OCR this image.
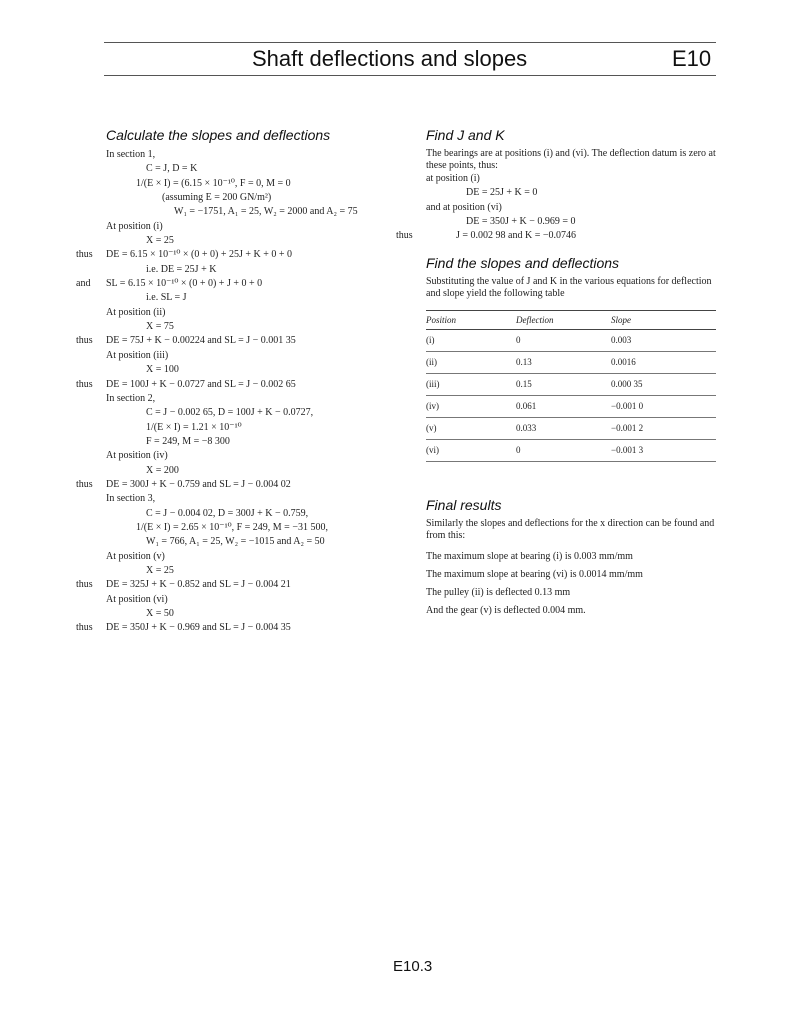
Shaft deflections and slopes	E10
Calculate the slopes and deflections
In section 1,
C = J, D = K
1/(E × I) = (6.15 × 10⁻¹⁰, F = 0, M = 0
(assuming E = 200 GN/m²)
W₁ = −1751, A₁ = 25, W₂ = 2000 and A₂ = 75
At position (i)
X = 25
thus DE = 6.15 × 10⁻¹⁰ × (0 + 0) + 25J + K + 0 + 0
i.e. DE = 25J + K
and SL = 6.15 × 10⁻¹⁰ × (0 + 0) + J + 0 + 0
i.e. SL = J
At position (ii)
X = 75
thus DE = 75J + K − 0.00224 and SL = J − 0.001 35
At position (iii)
X = 100
thus DE = 100J + K − 0.0727 and SL = J − 0.002 65
In section 2,
C = J − 0.002 65, D = 100J + K − 0.0727,
1/(E × I) = 1.21 × 10⁻¹⁰
F = 249, M = −8 300
At position (iv)
X = 200
thus DE = 300J + K − 0.759 and SL = J − 0.004 02
In section 3,
C = J − 0.004 02, D = 300J + K − 0.759,
1/(E × I) = 2.65 × 10⁻¹⁰, F = 249, M = −31 500,
W₁ = 766, A₁ = 25, W₂ = −1015 and A₂ = 50
At position (v)
X = 25
thus DE = 325J + K − 0.852 and SL = J − 0.004 21
At position (vi)
X = 50
thus DE = 350J + K − 0.969 and SL = J − 0.004 35
Find J and K
The bearings are at positions (i) and (vi). The deflection datum is zero at these points, thus:
at position (i)
DE = 25J + K = 0
and at position (vi)
DE = 350J + K − 0.969 = 0
thus	J = 0.002 98 and K = −0.0746
Find the slopes and deflections
Substituting the value of J and K in the various equations for deflection and slope yield the following table
Position	Deflection	Slope
(i)	0	0.003
(ii)	0.13	0.0016
(iii)	0.15	0.000 35
(iv)	0.061	−0.001 0
(v)	0.033	−0.001 2
(vi)	0	−0.001 3
Final results
Similarly the slopes and deflections for the x direction can be found and from this:
The maximum slope at bearing (i) is 0.003 mm/mm
The maximum slope at bearing (vi) is 0.0014 mm/mm
The pulley (ii) is deflected 0.13 mm
And the gear (v) is deflected 0.004 mm.
E10.3
